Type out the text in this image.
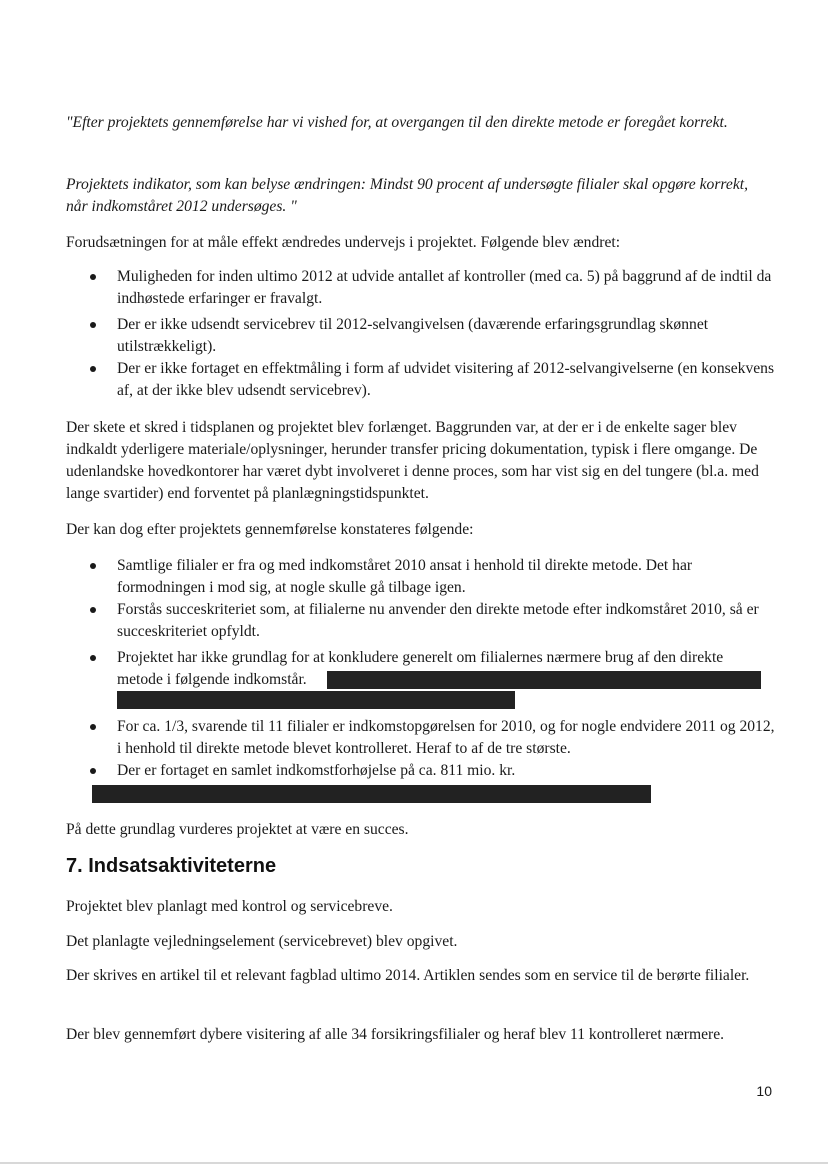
"Efter projektets gennemførelse har vi vished for, at overgangen til den direkte metode er foregået korrekt.

Projektets indikator, som kan belyse ændringen: Mindst 90 procent af undersøgte filialer skal opgøre korrekt, når indkomståret 2012 undersøges. "

Forudsætningen for at måle effekt ændredes undervejs i projektet. Følgende blev ændret:

Muligheden for inden ultimo 2012 at udvide antallet af kontroller (med ca. 5) på baggrund af de indtil da indhøstede erfaringer er fravalgt.

Der er ikke udsendt servicebrev til 2012-selvangivelsen (daværende erfaringsgrundlag skønnet utilstrækkeligt).

Der er ikke fortaget en effektmåling i form af udvidet visitering af 2012-selvangivelserne (en konsekvens af, at der ikke blev udsendt servicebrev).

Der skete et skred i tidsplanen og projektet blev forlænget. Baggrunden var, at der er i de enkelte sager blev indkaldt yderligere materiale/oplysninger, herunder transfer pricing dokumentation, typisk i flere omgange. De udenlandske hovedkontorer har været dybt involveret i denne proces, som har vist sig en del tungere (bl.a. med lange svartider) end forventet på planlægningstidspunktet.

Der kan dog efter projektets gennemførelse konstateres følgende:

Samtlige filialer er fra og med indkomståret 2010 ansat i henhold til direkte metode. Det har formodningen i mod sig, at nogle skulle gå tilbage igen.

Forstås succeskriteriet som, at filialerne nu anvender den direkte metode efter indkomståret 2010, så er succeskriteriet opfyldt.

Projektet har ikke grundlag for at konkludere generelt om filialernes nærmere brug af den direkte

metode i følgende indkomstår.

For ca. 1/3, svarende til 11 filialer er indkomstopgørelsen for 2010, og for nogle endvidere 2011 og 2012, i henhold til direkte metode blevet kontrolleret. Heraf to af de tre største.

Der er fortaget en samlet indkomstforhøjelse på ca. 811 mio. kr.

På dette grundlag vurderes projektet at være en succes.

7. Indsatsaktiviteterne

Projektet blev planlagt med kontrol og servicebreve.

Det planlagte vejledningselement (servicebrevet) blev opgivet.

Der skrives en artikel til et relevant fagblad ultimo 2014. Artiklen sendes som en service til de berørte filialer.

Der blev gennemført dybere visitering af alle 34 forsikringsfilialer og heraf blev 11 kontrolleret nærmere.

10
